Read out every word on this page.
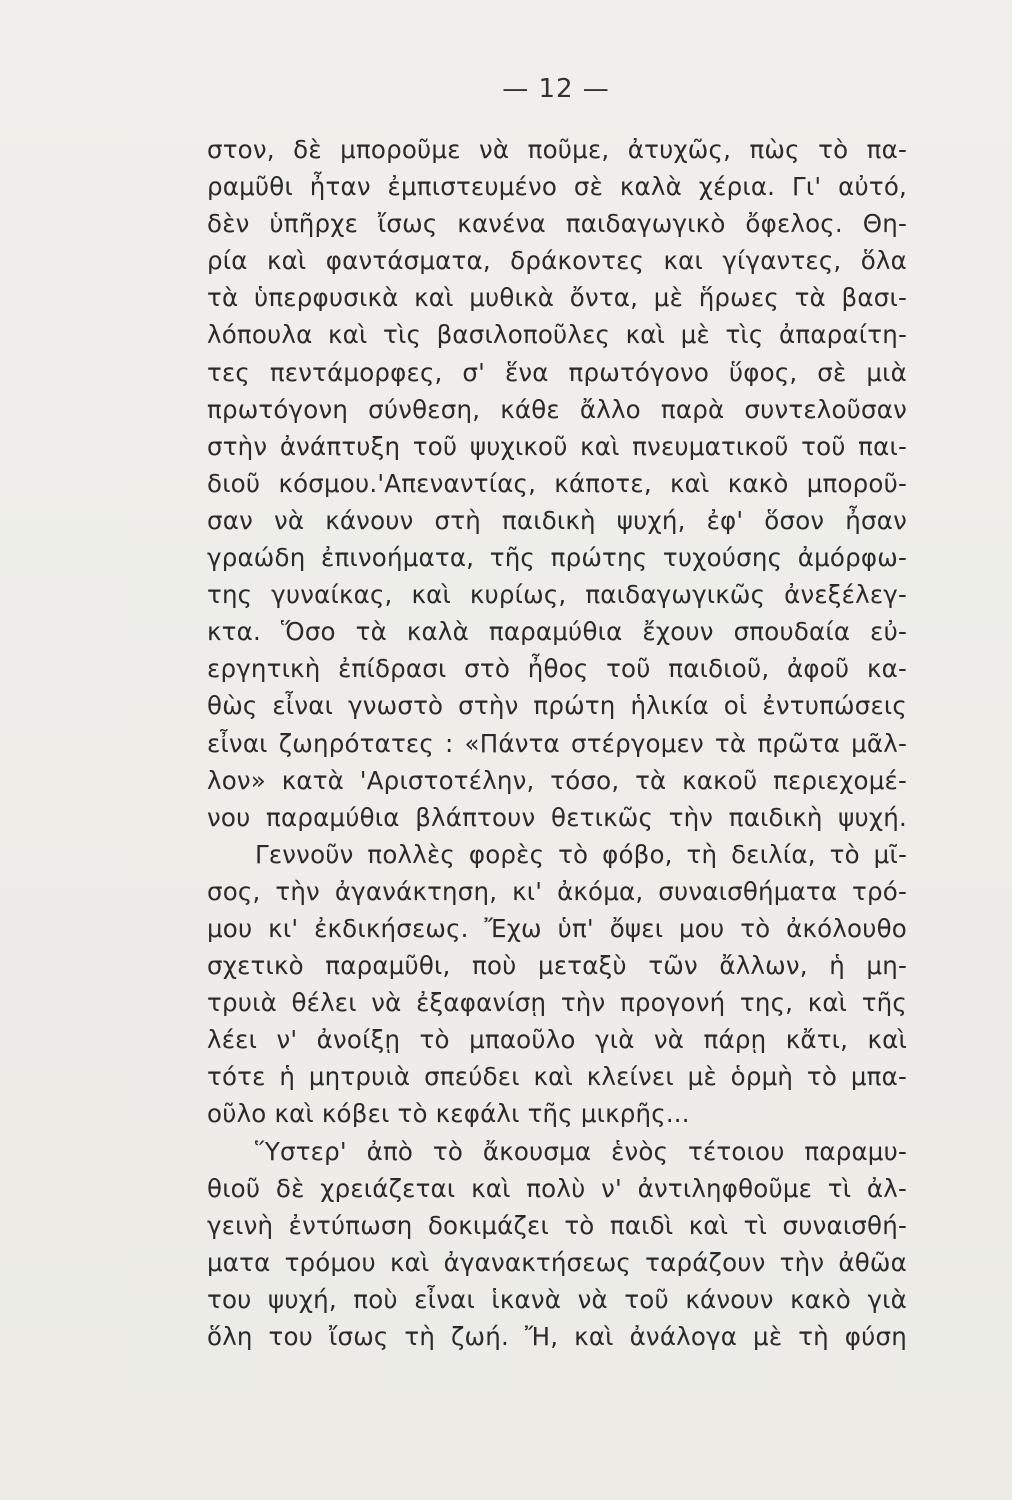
— 12 —
στον, δὲ μποροῦμε νὰ ποῦμε, ἀτυχῶς, πὼς τὸ πα-
ραμῦθι ἦταν ἐμπιστευμένο σὲ καλὰ χέρια. Γι' αὐτό,
δὲν ὑπῆρχε ἴσως κανένα παιδαγωγικὸ ὄφελος. Θη-
ρία καὶ φαντάσματα, δράκοντες και γίγαντες, ὅλα
τὰ ὑπερφυσικὰ καὶ μυθικὰ ὄντα, μὲ ἥρωες τὰ βασι-
λόπουλα καὶ τὶς βασιλοποῦλες καὶ μὲ τὶς ἀπαραίτη-
τες πεντάμορφες, σ' ἕνα πρωτόγονο ὕφος, σὲ μιὰ
πρωτόγονη σύνθεση, κάθε ἄλλο παρὰ συντελοῦσαν
στὴν ἀνάπτυξη τοῦ ψυχικοῦ καὶ πνευματικοῦ τοῦ παι-
διοῦ κόσμου.'Απεναντίας, κάποτε, καὶ κακὸ μποροῦ-
σαν νὰ κάνουν στὴ παιδικὴ ψυχή, ἐφ' ὅσον ἦσαν
γραώδη ἐπινοήματα, τῆς πρώτης τυχούσης ἀμόρφω-
της γυναίκας, καὶ κυρίως, παιδαγωγικῶς ἀνεξέλεγ-
κτα. Ὅσο τὰ καλὰ παραμύθια ἔχουν σπουδαία εὐ-
εργητικὴ ἐπίδρασι στὸ ἦθος τοῦ παιδιοῦ, ἀφοῦ κα-
θὼς εἶναι γνωστὸ στὴν πρώτη ἡλικία οἱ ἐντυπώσεις
εἶναι ζωηρότατες : «Πάντα στέργομεν τὰ πρῶτα μᾶλ-
λον» κατὰ 'Αριστοτέλην, τόσο, τὰ κακοῦ περιεχομέ-
νου παραμύθια βλάπτουν θετικῶς τὴν παιδικὴ ψυχή.
Γεννοῦν πολλὲς φορὲς τὸ φόβο, τὴ δειλία, τὸ μῖ-
σος, τὴν ἀγανάκτηση, κι' ἀκόμα, συναισθήματα τρό-
μου κι' ἐκδικήσεως. Ἔχω ὑπ' ὄψει μου τὸ ἀκόλουθο
σχετικὸ παραμῦθι, ποὺ μεταξὺ τῶν ἄλλων, ἡ μη-
τρυιὰ θέλει νὰ ἐξαφανίσῃ τὴν προγονή της, καὶ τῆς
λέει ν' ἀνοίξῃ τὸ μπαοῦλο γιὰ νὰ πάρῃ κἄτι, καὶ
τότε ἡ μητρυιὰ σπεύδει καὶ κλείνει μὲ ὁρμὴ τὸ μπα-
οῦλο καὶ κόβει τὸ κεφάλι τῆς μικρῆς...
Ὕστερ' ἀπὸ τὸ ἄκουσμα ἑνὸς τέτοιου παραμυ-
θιοῦ δὲ χρειάζεται καὶ πολὺ ν' ἀντιληφθοῦμε τὶ ἀλ-
γεινὴ ἐντύπωση δοκιμάζει τὸ παιδὶ καὶ τὶ συναισθή-
ματα τρόμου καὶ ἀγανακτήσεως ταράζουν τὴν ἀθῶα
του ψυχή, ποὺ εἶναι ἱκανὰ νὰ τοῦ κάνουν κακὸ γιὰ
ὅλη του ἴσως τὴ ζωή. Ἤ, καὶ ἀνάλογα μὲ τὴ φύση
